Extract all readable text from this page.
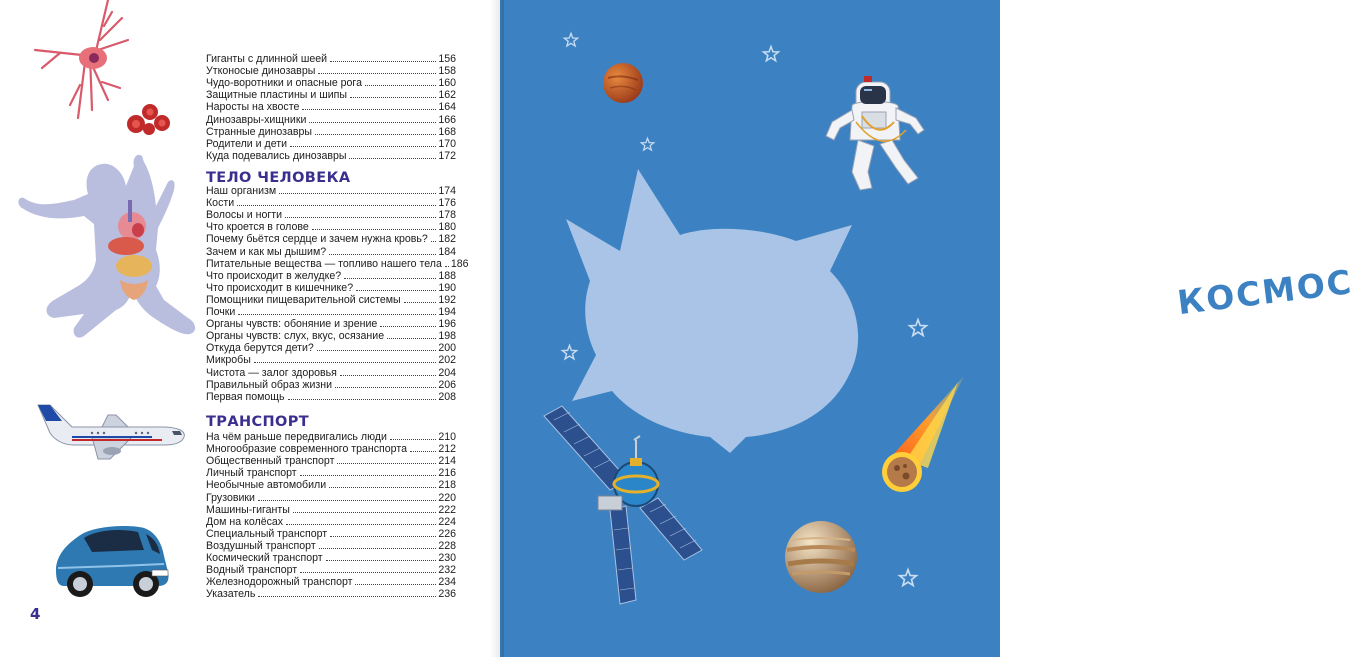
Гиганты с длинной шеей	156
Утконосые динозавры	158
Чудо-воротники и опасные рога	160
Защитные пластины и шипы	162
Наросты на хвосте	164
Динозавры-хищники	166
Странные динозавры	168
Родители и дети	170
Куда подевались динозавры	172
ТЕЛО ЧЕЛОВЕКА
Наш организм	174
Кости	176
Волосы и ногти	178
Что кроется в голове	180
Почему бьётся сердце и зачем нужна кровь? 182
Зачем и как мы дышим?	184
Питательные вещества — топливо нашего тела 186
Что происходит в желудке?	188
Что происходит в кишечнике?	190
Помощники пищеварительной системы	192
Почки	194
Органы чувств: обоняние и зрение	196
Органы чувств: слух, вкус, осязание	198
Откуда берутся дети?	200
Микробы	202
Чистота — залог здоровья	204
Правильный образ жизни	206
Первая помощь	208
ТРАНСПОРТ
На чём раньше передвигались люди	210
Многообразие современного транспорта	212
Общественный транспорт	214
Личный транспорт	216
Необычные автомобили	218
Грузовики	220
Машины-гиганты	222
Дом на колёсах	224
Специальный транспорт	226
Воздушный транспорт	228
Космический транспорт	230
Водный транспорт	232
Железнодорожный транспорт	234
Указатель	236
4
КОСМОС
